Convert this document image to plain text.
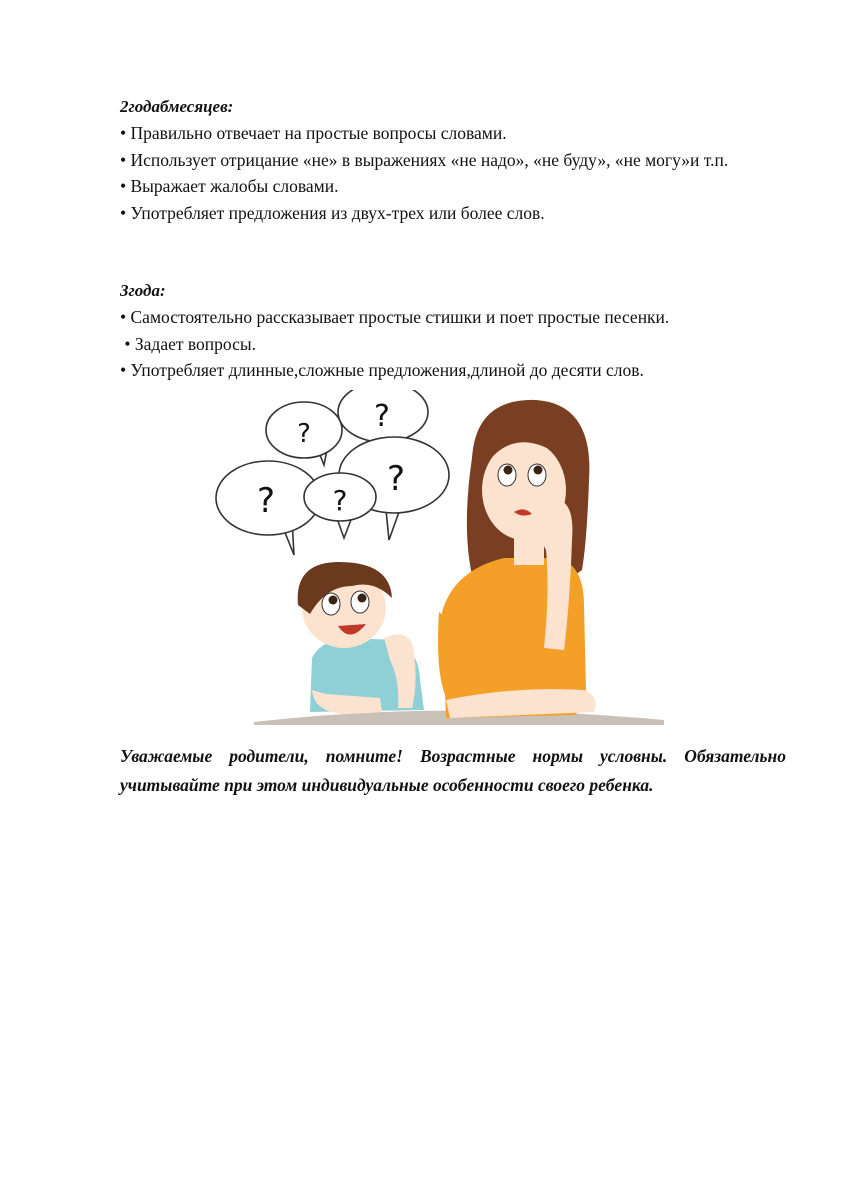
2годабмесяцев:

• Правильно отвечает на простые вопросы словами.

• Использует отрицание «не» в выражениях «не надо», «не буду», «не могу»и т.п.

• Выражает жалобы словами.

• Употребляет предложения из двух-трех или более слов.

3года:

• Самостоятельно рассказывает простые стишки и поет простые песенки.

• Задает вопросы.

• Употребляет длинные,сложные предложения,длиной до десяти слов.

?
? ?
?
?

Уважаемые родители, помните! Возрастные нормы условны. Обязательно учитывайте при этом индивидуальные особенности своего ребенка.
